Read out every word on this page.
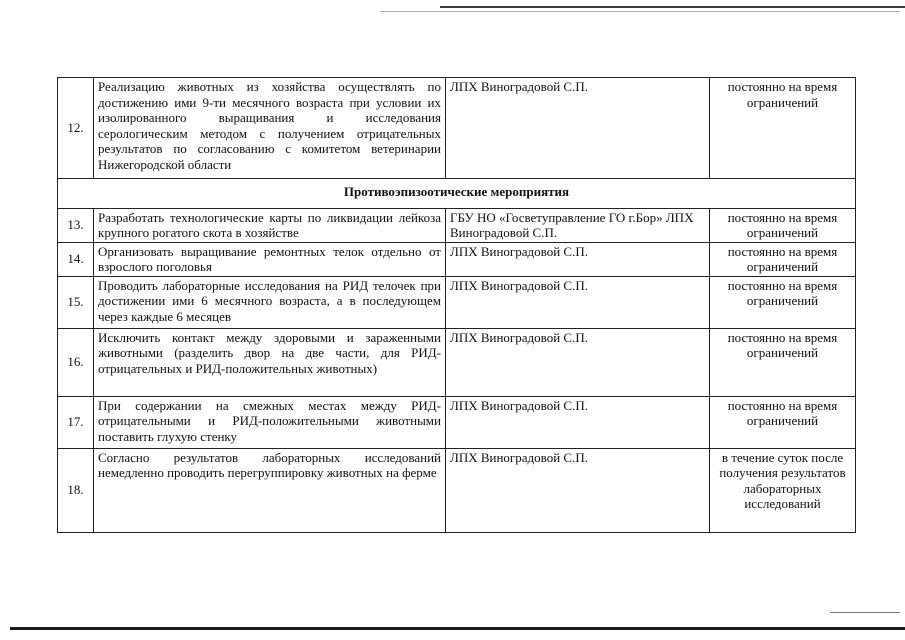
12.	Реализацию животных из хозяйства осуществлять по достижению ими 9-ти месячного возраста при условии их изолированного выращивания и исследования серологическим методом с получением отрицательных результатов по согласованию с комитетом ветеринарии Нижегородской области	ЛПХ Виноградовой С.П.	постоянно на время ограничений
Противоэпизоотические мероприятия			
13.	Разработать технологические карты по ликвидации лейкоза крупного рогатого скота в хозяйстве	ГБУ НО «Госветуправление ГО г.Бор» ЛПХ Виноградовой С.П.	постоянно на время ограничений
14.	Организовать выращивание ремонтных телок отдельно от взрослого поголовья	ЛПХ Виноградовой С.П.	постоянно на время ограничений
15.	Проводить лабораторные исследования на РИД телочек при достижении ими 6 месячного возраста, а в последующем через каждые 6 месяцев	ЛПХ Виноградовой С.П.	постоянно на время ограничений
16.	Исключить контакт между здоровыми и зараженными животными (разделить двор на две части, для РИД-отрицательных и РИД-положительных животных)	ЛПХ Виноградовой С.П.	постоянно на время ограничений
17.	При содержании на смежных местах между РИД-отрицательными и РИД-положительными животными поставить глухую стенку	ЛПХ Виноградовой С.П.	постоянно на время ограничений
18.	Согласно результатов лабораторных исследований немедленно проводить перегруппировку животных на ферме	ЛПХ Виноградовой С.П.	в течение суток после получения результатов лабораторных исследований
